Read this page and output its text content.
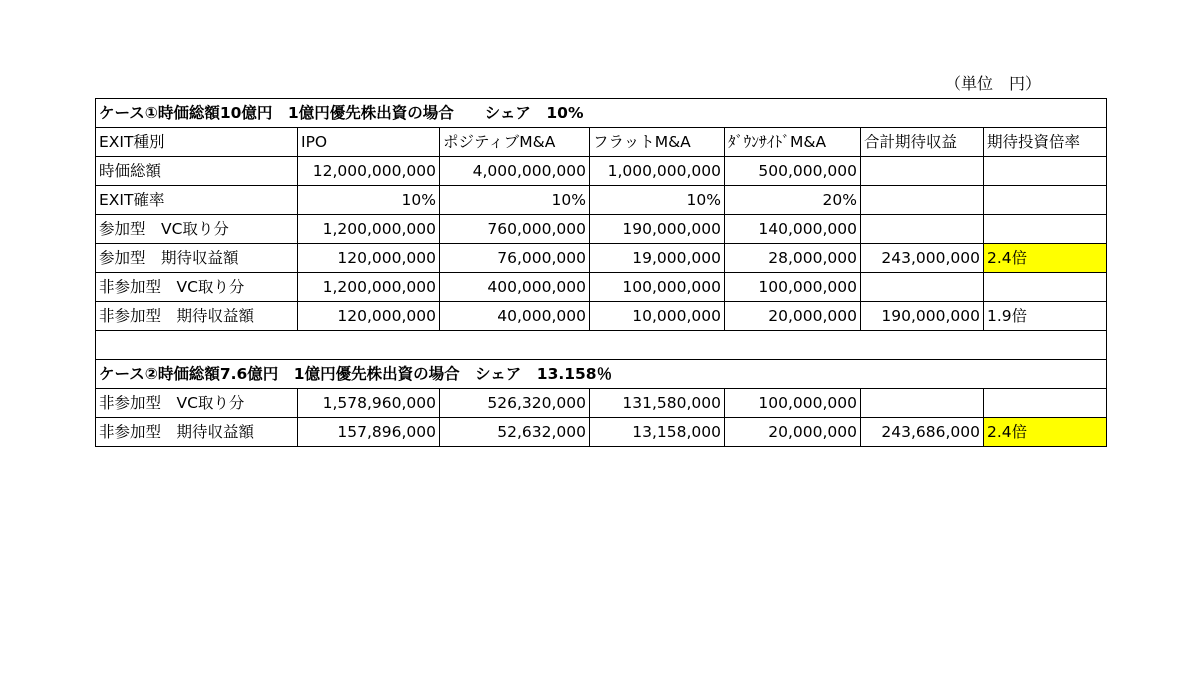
（単位　円）
ケース①時価総額10億円　1億円優先株出資の場合　　シェア　10%						
EXIT種別	IPO	ポジティブM&A	フラットM&A	ﾀﾞｳﾝｻｲﾄﾞM&A	合計期待収益	期待投資倍率
時価総額	12,000,000,000	4,000,000,000	1,000,000,000	500,000,000		
EXIT確率	10%	10%	10%	20%		
参加型　VC取り分	1,200,000,000	760,000,000	190,000,000	140,000,000		
参加型　期待収益額	120,000,000	76,000,000	19,000,000	28,000,000	243,000,000	2.4倍
非参加型　VC取り分	1,200,000,000	400,000,000	100,000,000	100,000,000		
非参加型　期待収益額	120,000,000	40,000,000	10,000,000	20,000,000	190,000,000	1.9倍

ケース②時価総額7.6億円　1億円優先株出資の場合　シェア　13.158％						
非参加型　VC取り分	1,578,960,000	526,320,000	131,580,000	100,000,000		
非参加型　期待収益額	157,896,000	52,632,000	13,158,000	20,000,000	243,686,000	2.4倍
